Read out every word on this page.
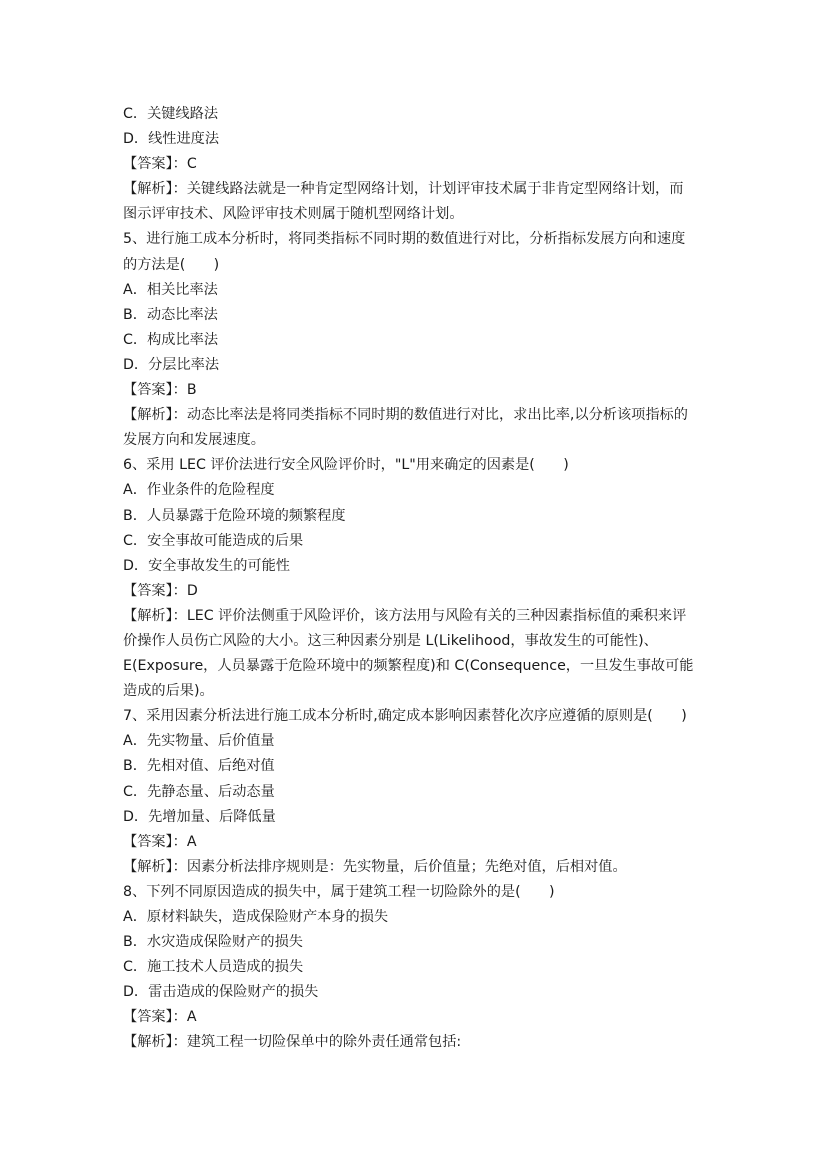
C．关键线路法
D．线性进度法
【答案】：C
【解析】：关键线路法就是一种肯定型网络计划，计划评审技术属于非肯定型网络计划，而
图示评审技术、风险评审技术则属于随机型网络计划。
5、进行施工成本分析时，将同类指标不同时期的数值进行对比，分析指标发展方向和速度
的方法是(　　)
A．相关比率法
B．动态比率法
C．构成比率法
D．分层比率法
【答案】：B
【解析】：动态比率法是将同类指标不同时期的数值进行对比，求出比率,以分析该项指标的
发展方向和发展速度。
6、采用 LEC 评价法进行安全风险评价时，"L"用来确定的因素是(　　)
A．作业条件的危险程度
B．人员暴露于危险环境的频繁程度
C．安全事故可能造成的后果
D．安全事故发生的可能性
【答案】：D
【解析】：LEC 评价法侧重于风险评价，该方法用与风险有关的三种因素指标值的乘积来评
价操作人员伤亡风险的大小。这三种因素分别是 L(Likelihood，事故发生的可能性)、
E(Exposure，人员暴露于危险环境中的频繁程度)和 C(Consequence，一旦发生事故可能
造成的后果)。
7、采用因素分析法进行施工成本分析时,确定成本影响因素替化次序应遵循的原则是(　　)
A．先实物量、后价值量
B．先相对值、后绝对值
C．先静态量、后动态量
D．先增加量、后降低量
【答案】：A
【解析】：因素分析法排序规则是：先实物量，后价值量；先绝对值，后相对值。
8、下列不同原因造成的损失中，属于建筑工程一切险除外的是(　　)
A．原材料缺失，造成保险财产本身的损失
B．水灾造成保险财产的损失
C．施工技术人员造成的损失
D．雷击造成的保险财产的损失
【答案】：A
【解析】：建筑工程一切险保单中的除外责任通常包括:
